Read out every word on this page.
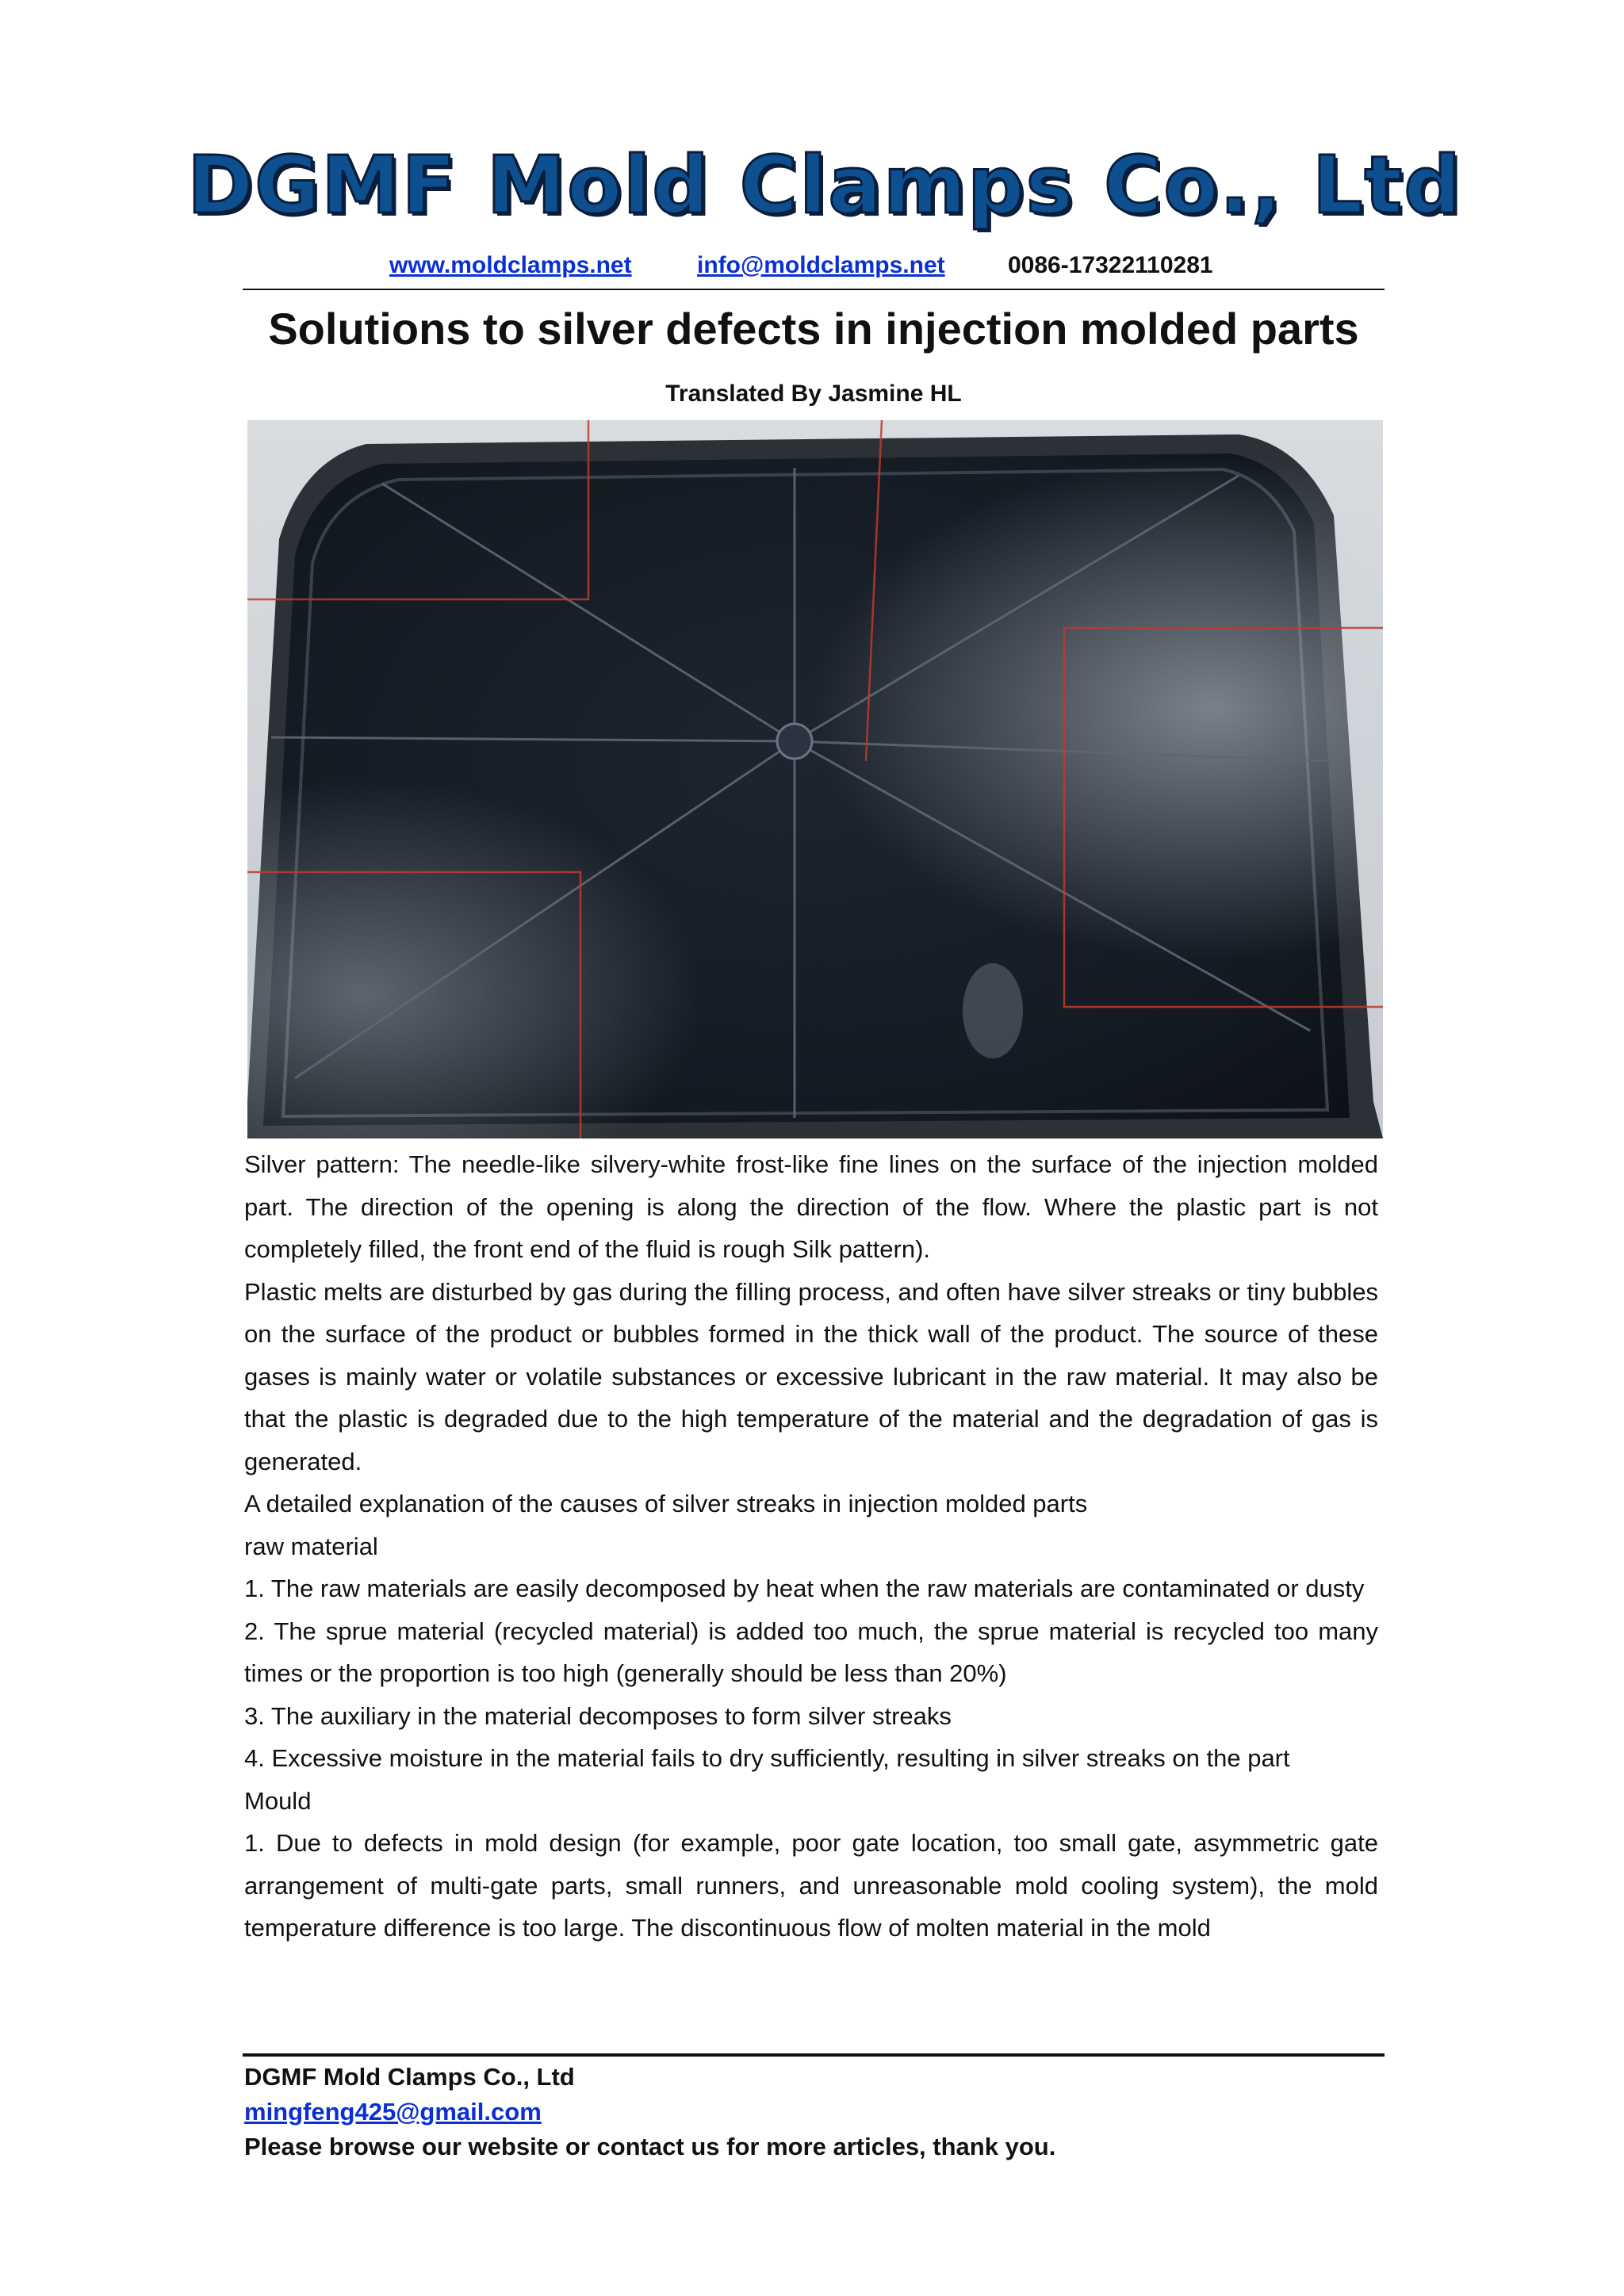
DGMF Mold Clamps Co., Ltd
www.moldclamps.net	info@moldclamps.net	0086-17322110281
Solutions to silver defects in injection molded parts
Translated By Jasmine HL

Silver pattern: The needle-like silvery-white frost-like fine lines on the surface of the injection molded part. The direction of the opening is along the direction of the flow. Where the plastic part is not completely filled, the front end of the fluid is rough Silk pattern).

Plastic melts are disturbed by gas during the filling process, and often have silver streaks or tiny bubbles on the surface of the product or bubbles formed in the thick wall of the product. The source of these gases is mainly water or volatile substances or excessive lubricant in the raw material. It may also be that the plastic is degraded due to the high temperature of the material and the degradation of gas is generated.

A detailed explanation of the causes of silver streaks in injection molded parts

raw material

1. The raw materials are easily decomposed by heat when the raw materials are contaminated or dusty

2. The sprue material (recycled material) is added too much, the sprue material is recycled too many times or the proportion is too high (generally should be less than 20%)

3. The auxiliary in the material decomposes to form silver streaks

4. Excessive moisture in the material fails to dry sufficiently, resulting in silver streaks on the part

Mould

1. Due to defects in mold design (for example, poor gate location, too small gate, asymmetric gate arrangement of multi-gate parts, small runners, and unreasonable mold cooling system), the mold temperature difference is too large. The discontinuous flow of molten material in the mold

DGMF Mold Clamps Co., Ltd
mingfeng425@gmail.com
Please browse our website or contact us for more articles, thank you.
